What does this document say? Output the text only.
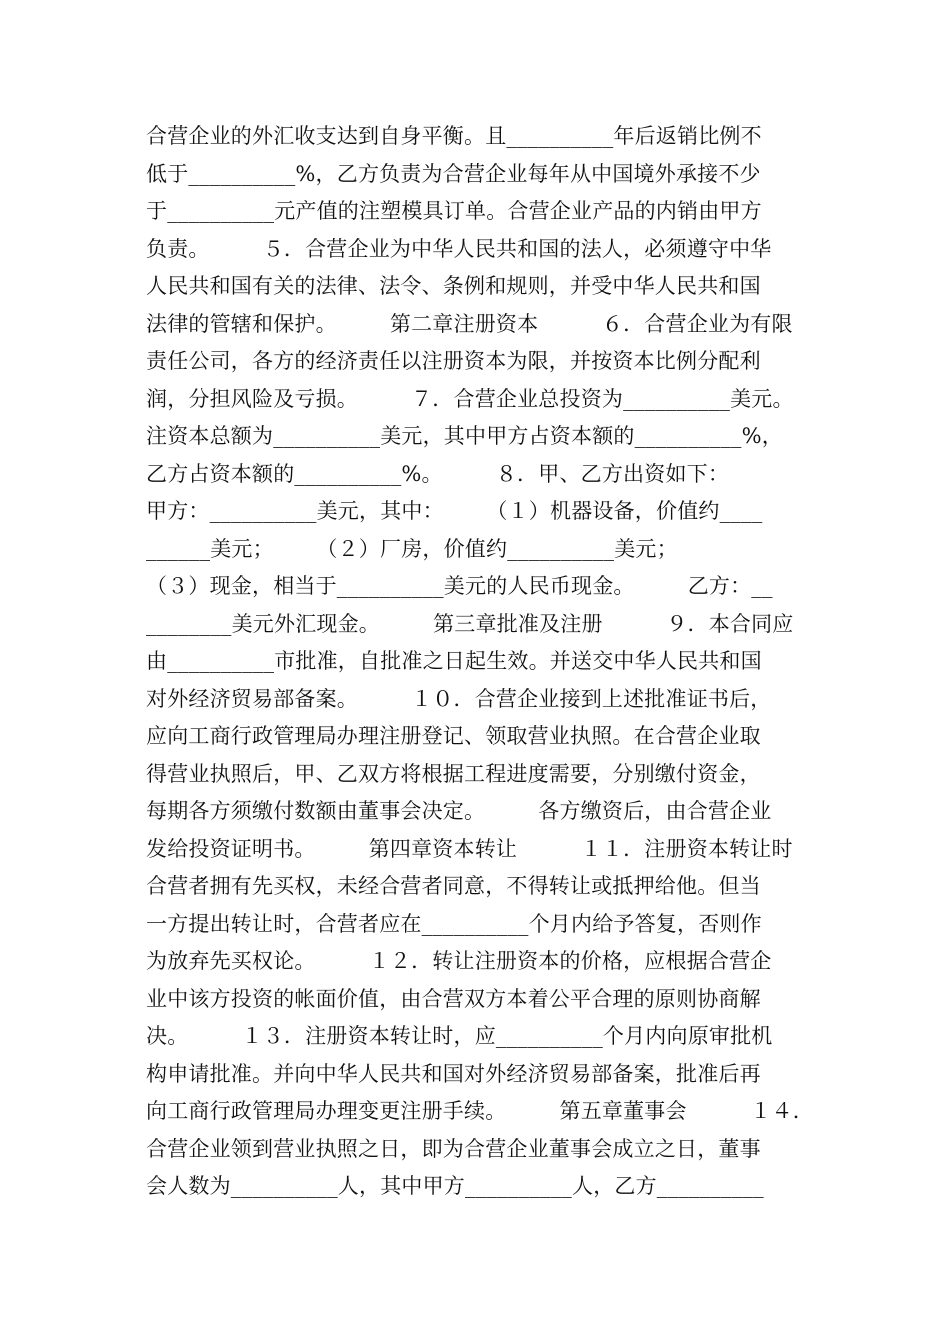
合营企业的外汇收支达到自身平衡。且__________年后返销比例不
低于__________%，乙方负责为合营企业每年从中国境外承接不少
于__________元产值的注塑模具订单。合营企业产品的内销由甲方
负责。　　　５．合营企业为中华人民共和国的法人，必须遵守中华
人民共和国有关的法律、法令、条例和规则，并受中华人民共和国
法律的管辖和保护。　　　第二章注册资本　　　６．合营企业为有限
责任公司，各方的经济责任以注册资本为限，并按资本比例分配利
润，分担风险及亏损。　　　７．合营企业总投资为__________美元。
注资本总额为__________美元，其中甲方占资本额的__________%，
乙方占资本额的__________%。　　　８．甲、乙方出资如下：
甲方：__________美元，其中：　　　（１）机器设备，价值约____
______美元；　　　（２）厂房，价值约__________美元；
（３）现金，相当于__________美元的人民币现金。　　　乙方：__
________美元外汇现金。　　　第三章批准及注册　　　９．本合同应
由__________市批准，自批准之日起生效。并送交中华人民共和国
对外经济贸易部备案。　　　１０．合营企业接到上述批准证书后，
应向工商行政管理局办理注册登记、领取营业执照。在合营企业取
得营业执照后，甲、乙双方将根据工程进度需要，分别缴付资金，
每期各方须缴付数额由董事会决定。　　　各方缴资后，由合营企业
发给投资证明书。　　　第四章资本转让　　　１１．注册资本转让时
合营者拥有先买权，未经合营者同意，不得转让或抵押给他。但当
一方提出转让时，合营者应在__________个月内给予答复，否则作
为放弃先买权论。　　　１２．转让注册资本的价格，应根据合营企
业中该方投资的帐面价值，由合营双方本着公平合理的原则协商解
决。　　　１３．注册资本转让时，应__________个月内向原审批机
构申请批准。并向中华人民共和国对外经济贸易部备案，批准后再
向工商行政管理局办理变更注册手续。　　　第五章董事会　　　１４．
合营企业领到营业执照之日，即为合营企业董事会成立之日，董事
会人数为__________人，其中甲方__________人，乙方__________
